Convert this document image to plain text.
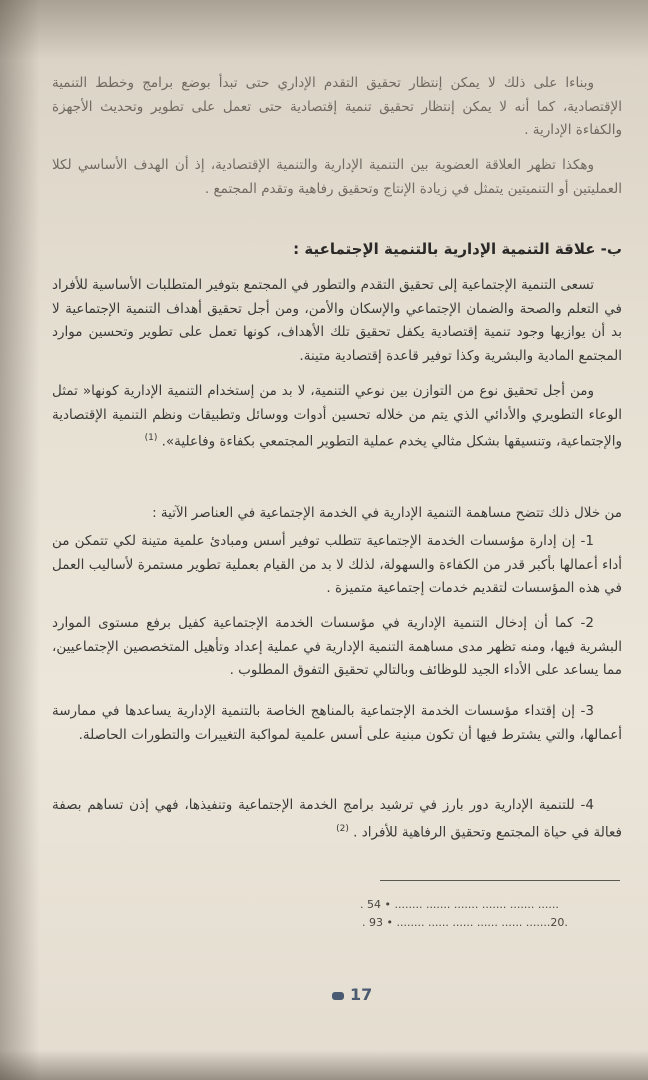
وبناءا على ذلك لا يمكن إنتظار تحقيق التقدم الإداري حتى تبدأ بوضع برامج وخطط التنمية الإقتصادية، كما أنه لا يمكن إنتظار تحقيق تنمية إقتصادية حتى تعمل على تطوير وتحديث الأجهزة والكفاءة الإدارية .

وهكذا تظهر العلاقة العضوية بين التنمية الإدارية والتنمية الإقتصادية، إذ أن الهدف الأساسي لكلا العمليتين أو التنميتين يتمثل في زيادة الإنتاج وتحقيق رفاهية وتقدم المجتمع .

ب- علاقة التنمية الإدارية بالتنمية الإجتماعية :

تسعى التنمية الإجتماعية إلى تحقيق التقدم والتطور في المجتمع بتوفير المتطلبات الأساسية للأفراد في التعلم والصحة والضمان الإجتماعي والإسكان والأمن، ومن أجل تحقيق أهداف التنمية الإجتماعية لا بد أن يوازيها وجود تنمية إقتصادية يكفل تحقيق تلك الأهداف، كونها تعمل على تطوير وتحسين موارد المجتمع المادية والبشرية وكذا توفير قاعدة إقتصادية متينة.

ومن أجل تحقيق نوع من التوازن بين نوعي التنمية، لا بد من إستخدام التنمية الإدارية كونها« تمثل الوعاء التطويري والأدائي الذي يتم من خلاله تحسين أدوات ووسائل وتطبيقات ونظم التنمية الإقتصادية والإجتماعية، وتنسيقها بشكل مثالي يخدم عملية التطوير المجتمعي بكفاءة وفاعلية». $^{(1)}$

من خلال ذلك تتضح مساهمة التنمية الإدارية في الخدمة الإجتماعية في العناصر الآتية :

1- إن إدارة مؤسسات الخدمة الإجتماعية تتطلب توفير أسس ومبادئ علمية متينة لكي تتمكن من أداء أعمالها بأكبر قدر من الكفاءة والسهولة، لذلك لا بد من القيام بعملية تطوير مستمرة لأساليب العمل في هذه المؤسسات لتقديم خدمات إجتماعية متميزة .

2- كما أن إدخال التنمية الإدارية في مؤسسات الخدمة الإجتماعية كفيل برفع مستوى الموارد البشرية فيها، ومنه تظهر مدى مساهمة التنمية الإدارية في عملية إعداد وتأهيل المتخصصين الإجتماعيين، مما يساعد على الأداء الجيد للوظائف وبالتالي تحقيق التفوق المطلوب .

3- إن إقتداء مؤسسات الخدمة الإجتماعية بالمناهج الخاصة بالتنمية الإدارية يساعدها في ممارسة أعمالها، والتي يشترط فيها أن تكون مبنية على أسس علمية لمواكبة التغييرات والتطورات الحاصلة.

4- للتنمية الإدارية دور بارز في ترشيد برامج الخدمة الإجتماعية وتنفيذها، فهي إذن تساهم بصفة فعالة في حياة المجتمع وتحقيق الرفاهية للأفراد . $^{(2)}$

. 54 • ........ ....... ....... ....... ....... ......
. 93 • ........ ...... ...... ...... ...... .......20.
17
